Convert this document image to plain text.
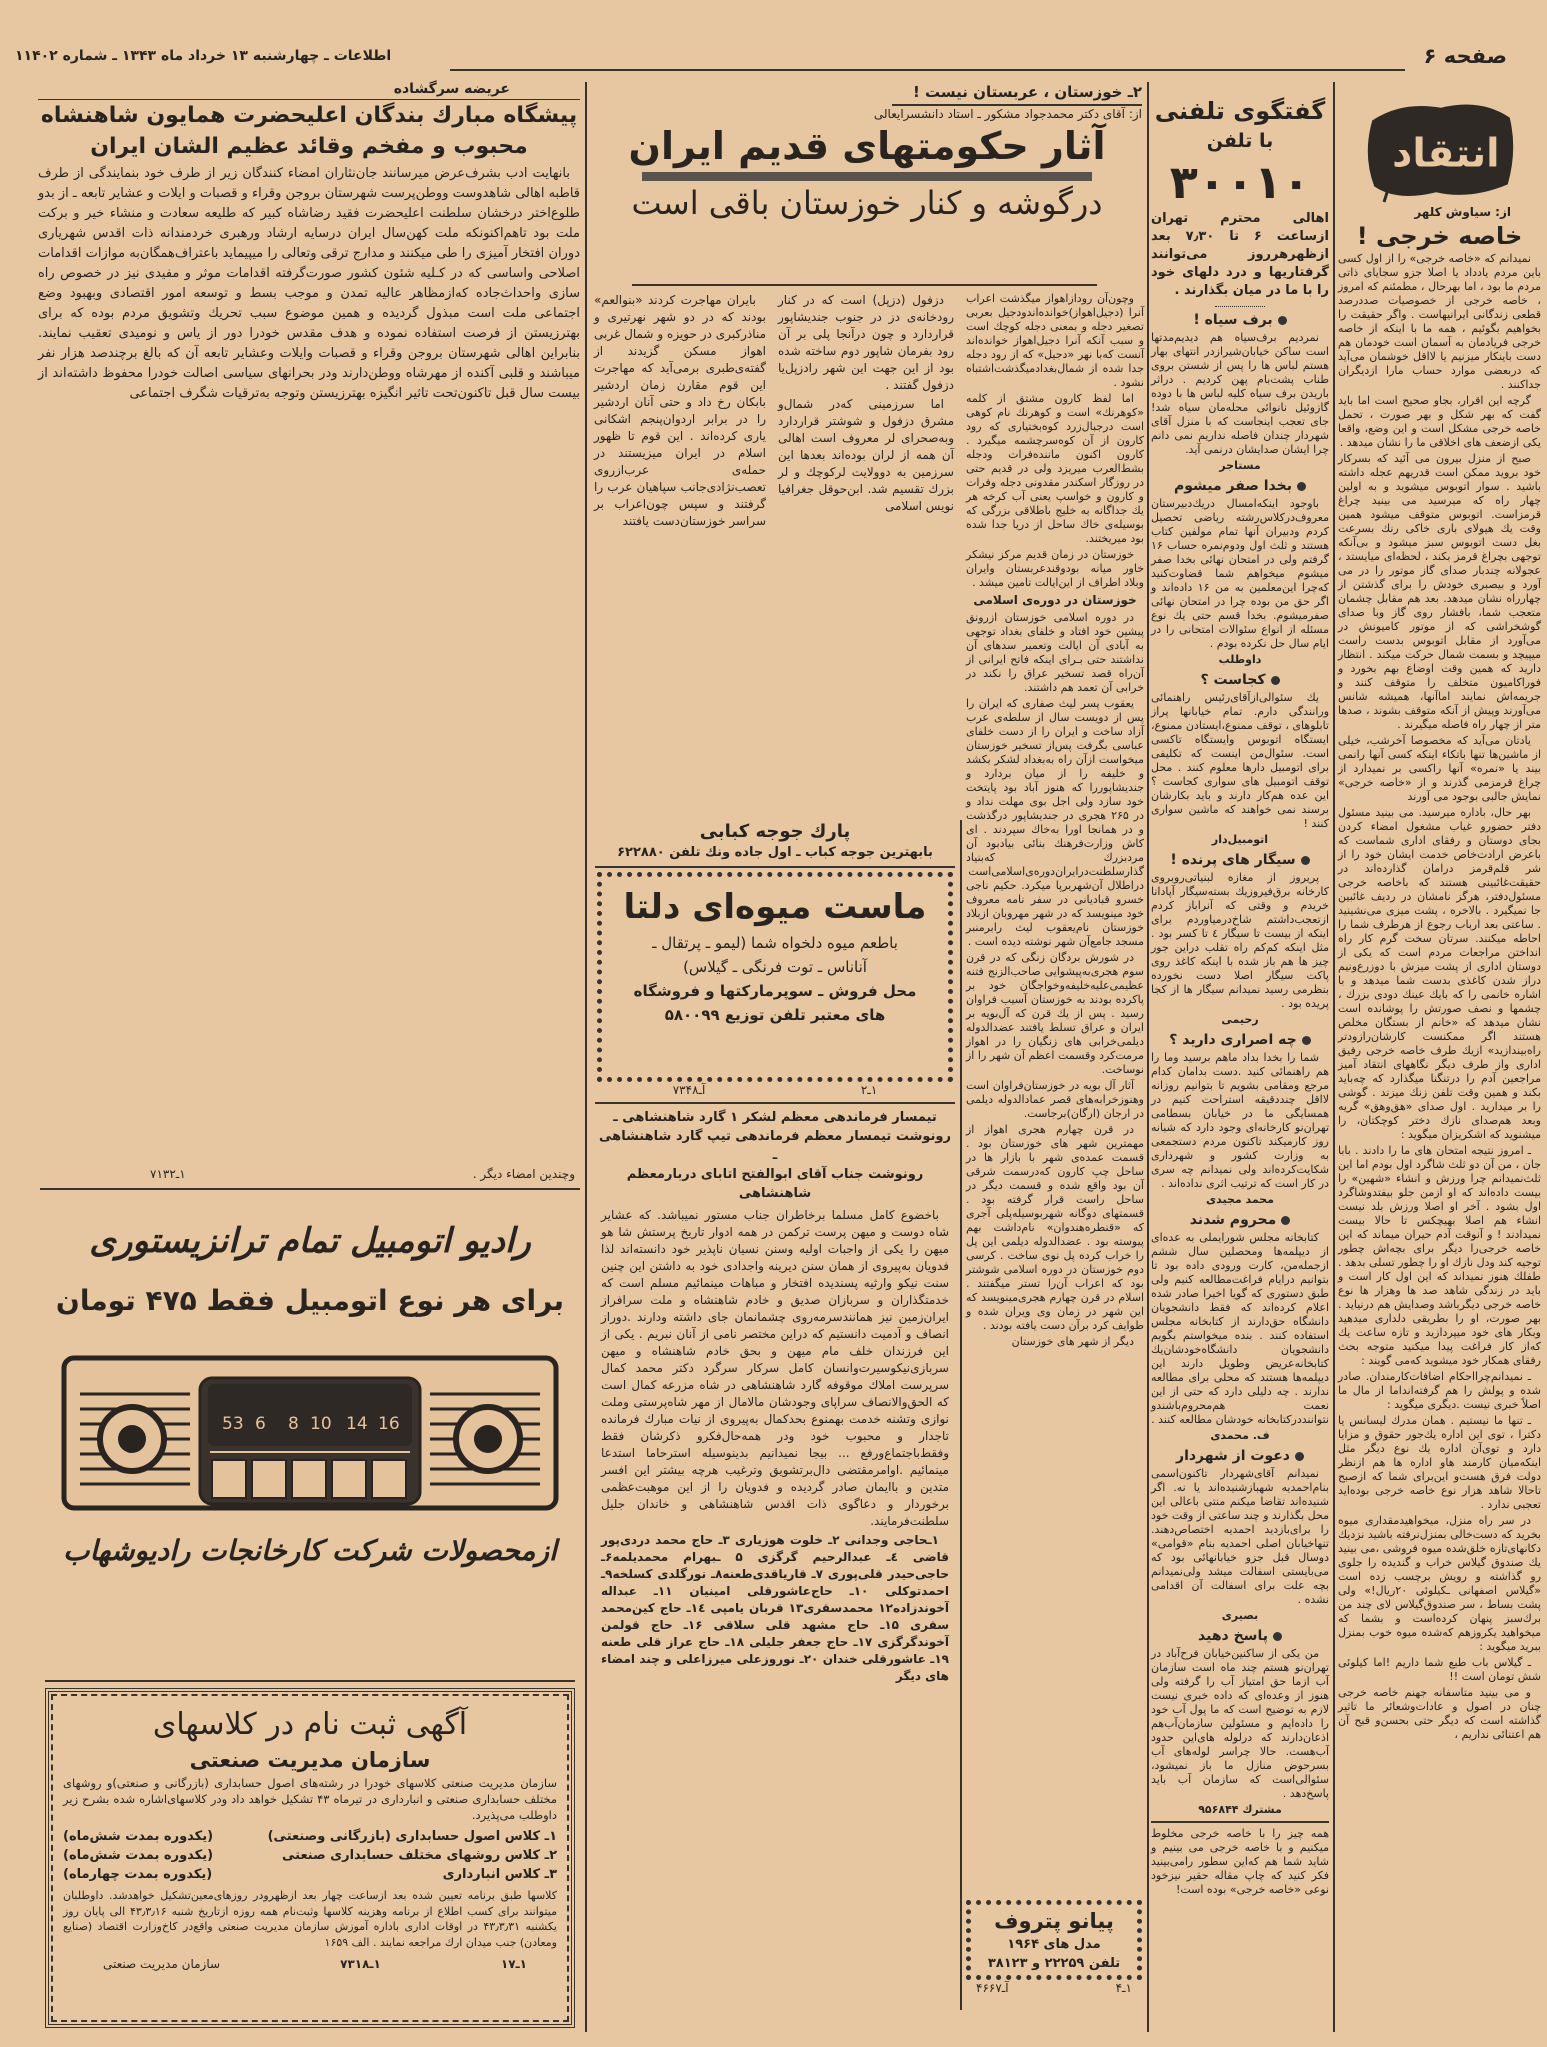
اطلاعات ـ چهارشنبه ۱۳ خرداد ماه ۱۳۴۳ ـ شماره ۱۱۴۰۲	صفحه ۶
انتقاد
از: سیاوش کلهر
خاصه خرجی !

نمیدانم که «خاصه خرجی» را از اول کسی باین مردم یادداد یا اصلا جزو سجایای ذاتی مردم ما بود ، اما بهرحال ، مطمئنم که امروز ، خاصه خرجی از خصوصیات صددرصد قطعی زندگانی ایرانیهاست . واگر حقیقت را بخواهیم بگوئیم ، همه ما با اینکه از خاصه خرجی فریادمان به آسمان است خودمان هم دست باینکار میزنیم یا لااقل خوشمان می‌آید که دربعضی موارد حساب مارا ازدیگران جداکنند .

گرچه این اقرار، بجاو صحیح است اما باید گفت که بهر شکل و بهر صورت ، تحمل خاصه خرجی مشکل است و این وضع، واقعا یکی ازضعف های اخلاقی ما را نشان میدهد .

صبح از منزل بیرون می آئید که بسرکار خود بروید ممکن است قدریهم عجله داشته باشید . سوار اتوبوس میشوید و به اولین چهار راه که میرسید می بینید چراغ قرمزاست. اتوبوس متوقف میشود همین وقت یك هیولای باری خاکی رنك بسرعت بغل دست اتوبوس سبز میشود و بی‌آنکه توجهی بچراغ قرمز بکند ، لحظه‌ای میایستد ، عجولانه چندبار صدای گاز موتور را در می آورد و بیصبری خودش را برای گذشتن از چهارراه نشان میدهد. بعد هم مقابل چشمان متعجب شما، بافشار روی گاز وبا صدای گوشخراشی که از موتور کامیونش در می‌آورد از مقابل اتوبوس بدست راست میپیچد و بسمت شمال حرکت میکند . انتظار دارید که همین وقت اوضاع بهم بخورد و فوراکامیون متخلف را متوقف کنند و جریمه‌اش نمایند اماآنها، همیشه شانس می‌آورند وپیش از آنکه متوقف بشوند ، صدها متر از چهار راه فاصله میگیرند .

یادتان می‌آید که مخصوصا آخرشب، خیلی از ماشین‌ها تنها باتکاء اینکه کسی آنها رانمی بیند یا «نمره» آنها راکسی بر نمیدارد از چراغ قرمزمی گذرند و از «خاصه خرجی» نمایش جالبی بوجود می آورند

بهر حال، باداره میرسید. می بینید مسئول دفتر حضورو غیاب مشغول امضاء کردن بجای دوستان و رفقای اداری شماست که باعرض ارادت‌خاص خدمت ایشان خود را از شر قلم‌قرمز درامان گذارده‌اند در حقیقت‌غائبینی هستند که باخاصه خرجی مسئول‌دفتر، هرگز نامشان در ردیف غائبین جا نمیگیرد . بالاخره ، پشت میزی می‌نشینید . ساعتی بعد ارباب رجوع از هرطرف شما را احاطه میکنند. سرتان سخت گرم کار راه انداختن مراجعات مردم است که یکی از دوستان اداری از پشت میزش با دوزرع‌ونیم دراز شدن کاغذی بدست شما میدهد و با اشاره خانمی را که بایك عینك دودی بزرك ، چشمها و نصف صورتش را پوشانده است نشان میدهد که «خانم از بستگان مخلص هستند اگر ممکنست کارشان‌رازودتر راه‌بیندازید» ازیك طرف خاصه خرجی رفیق اداری واز طرف دیگر نگاههای انتقاد آمیز مراجعین آدم را درتنگنا میگذارد که چه‌باید بکند و همین وقت تلفن زنك میزند . گوشی را بر میدارید . اول صدای «هق‌وهق» گریه وبعد هم‌صدای نازك دختر کوچکتان، را میشنوید که اشکریزان میگوید :

ـ امروز نتیجه امتحان های ما را دادند . بابا جان ، من آن دو ثلث شاگرد اول بودم اما این ثلث‌نمیدانم چرا ورزش و انشاء «شهین» را بیست داده‌اند که او ازمن جلو بیفتدوشاگرد اول بشود . آخر او اصلا ورزش بلد نیست انشاء هم اصلا بهیچکس تا حالا بیست نمیدادند ! و آنوقت آدم حیران میماند که این خاصه خرجی‌را دیگر برای بچه‌اش چطور توجیه کند ودل نازك او را چطور تسلی بدهد . طفلك هنوز نمیداند که این اول کار است و باید در زندگی شاهد صد ها وهزار ها نوع خاصه خرجی دیگرباشد وصدایش هم درنیاید . بهر صورت، او را بطریقی دلداری میدهید وبکار های خود میپردازید و تازه ساعت یك که‌از کار فراغت پیدا میکنید متوجه بحث رفقای همکار خود میشوید که‌می گویند :

ـ نمیدانم‌چرااحکام اضافات‌کارمندان. صادر شده و پولش را هم گرفته‌انداما از مال ما اصلاً خبری نیست .دیگری میگوید :

ـ تنها ما نیستیم . همان مدرك لیسانس یا دکترا ، توی این اداره یك‌جور حقوق و مزایا دارد و توی‌آن اداره یك نوع دیگر مثل اینکه‌میان کارمند هاو اداره ها هم ازنظر دولت فرق هست‌و این‌برای شما که ازصبح تاحالا شاهد هزار نوع خاصه خرجی بوده‌اید تعجبی ندارد .

در سر راه منزل، میخواهیدمقداری میوه بخرید که دست‌خالی بمنزل‌نرفته باشید نزدیك دکانهای‌تازه خلق‌شده میوه فروشی ،می بینید یك صندوق گیلاس خراب و گندیده را جلوی رو گذاشته و رویش برچسب زده است «گیلاس اصفهانی ـکیلوئی ۲۰ریال!» ولی پشت بساط ، سر صندوق‌گیلاس لای چند من برك‌سبز پنهان کرده‌است و بشما که میخواهید یکروزهم که‌شده میوه خوب بمنزل ببرید میگوید :

ـ گیلاس باب طبع شما داریم !اما کیلوئی شش تومان است !!

و می بینید متاسفانه جهنم خاصه خرجی چنان در اصول و عادات‌وشعائر ما تاثیر گذاشته است که دیگر حتی بحسن‌و قبح آن هم اعتنائی نداریم ،

گفتگوی تلفنی
با تلفن
۳۰۰۱۰
اهالی محترم تهران ازساعت ۶ تا ۷٫۳۰ بعد ازظهرهرروز می‌توانند گرفتاریها و درد دلهای خود را با ما در میان بگذارند .
برف سیاه !

نمردیم برف‌سیاه هم دیدیم‌مدتها است ساکن خیابان‌شیرازدر انتهای بهار هستم لباس ها را پس از شستن بروی طناب پشت‌بام پهن کردیم . دراثر باریدن برف سیاه کلیه لباس ها با دوده گازوئیل نانوائی محله‌مان سیاه شد! جای تعجب اینجاست که با منزل آقای شهردار چندان فاصله نداریم نمی دانم چرا ایشان صدایشان درنمی آید.

مستاجر
بخدا صفر میشوم

باوجود اینکه‌امسال دریك‌دبیرستان معروف‌درکلاس‌رشته ریاضی تحصیل کردم ودبیران آنها تمام مولفین کتاب هستند و ثلث اول ودوم‌نمره حساب ۱۶ گرفتم ولی در امتحان نهائی بخدا صفر میشوم میخواهم شما قضاوت‌کنید که‌چرا این‌معلمین به‌ من ۱۶ داده‌اند و اگر حق من بوده چرا در امتحان نهائی صفرمیشوم. بخدا قسم حتی یك نوع مسئله از انواع سئوالات امتحانی را در ایام سال حل نکرده بودم .

داوطلب
کجاست ؟

یك سئوالی‌ازآقای‌رئیس راهنمائی ورانندگی دارم. تمام خیابانها پراز تابلوهای ، توقف ممنوع،ایستادن ممنوع، ایستگاه اتوبوس وایستگاه تاکسی است. سئوال‌من اینست که تکلیفی برای اتومبیل دارها معلوم کنند . محل توقف اتومبیل های سواری کجاست ؟ این عده هم‌کار دارند و باید بکارشان برسند نمی خواهند که ماشین سواری کنند !

اتومبیل‌دار
سیگار های پرنده !

پریروز از مغازه لبنیاتی‌روبروی کارخانه برق‌فیروزیك بسته‌سیگار آپادانا خریدم و وقتی که آنراباز کردم ازتعجب‌داشتم شاخ‌درمیاوردم برای اینکه از بیست تا سیگار ٤ تا کسر بود . مثل اینکه کم‌کم راه تقلب دراین جور چیز ها هم باز شده با اینکه کاغذ روی پاکت سیگار اصلا دست نخورده بنظرمی رسید نمیدانم سیگار ها از کجا پریده بود .

رحیمی
چه اصراری دارید ؟

شما را بخدا بداد ماهم برسید وما را هم راهنمائی کنید .دست بدامان کدام مرجع ومقامی بشویم تا بتوانیم روزانه لااقل چنددقیقه استراحت کنیم در همسایگی ما در خیابان بسطامی تهران‌نو کارخانه‌ای وجود دارد که شبانه روز کارمیکند تاکنون مردم دستجمعی به وزارت کشور و شهرداری شکایت‌کرده‌اند ولی نمیدانم چه سری در کار است که ترتیب اثری نداده‌اند .

محمد مجیدی
محروم شدند

کتابخانه مجلس شورایملی به عده‌ای از دیپلمه‌ها ومحصلین سال ششم ازجمله‌من، کارت ورودی داده بود تا بتوانیم درایام فراغت‌مطالعه کنیم ولی طبق دستوری که گویا اخیرا صادر شده اعلام کرده‌اند که فقط دانشجویان دانشگاه حق‌دارند از کتابخانه مجلس استفاده کنند . بنده میخواستم بگویم دانشجویان دانشگاه‌خودشان‌یك کتابخانه‌عریض وطویل دارند این دیپلمه‌ها هستند که محلی برای مطالعه ندارند . چه دلیلی دارد که حتی از این نعمت هم‌محروم‌باشندو نتوانند‌درکتابخانه خودشان مطالعه کنند .

ف. محمدی
دعوت از شهردار

نمیدانم آقای‌شهردار تاکنون‌اسمی بنام‌احمدیه شهبازشنیده‌اند یا نه. اگر شنیده‌اند تقاضا میکنم منتی باعالی این محل بگذارند و چند ساعتی از وقت خود را برای‌بازدید احمدیه اختصاص‌دهند. تنهاخیابان اصلی احمدیه بنام «قوامی» دوسال قبل جزو خیابانهائی بود که می‌بایستی اسفالت میشد ولی‌نمیدانم بچه علت برای اسفالت آن اقدامی نشده .

بصیری
پاسخ دهید

من یکی از ساکنین‌خیابان فرح‌آباد در تهران‌نو هستم چند ماه است سازمان آب ازما حق امتیاز آب را گرفته ولی هنوز از وعده‌ای که داده خبری نیست لازم به توضیح است که ما پول آب خود را داده‌ایم و مسئولین سازمان‌آب‌هم اذعان‌دارند که درلوله های‌این حدود آب‌هست. حالا چراسر لوله‌های آب بسرحوض منازل ما باز نمیشود، سئوالی‌است که سازمان آب باید پاسخ‌دهد .

مشترك ۹۵۶۸۴۴
همه چیز را با خاصه خرجی مخلوط میکنیم و با خاصه خرجی می بینیم و شاید شما هم که‌این سطور رامی‌بینید فکر کنید که چاپ مقاله حقیر نیزخود نوعی «خاصه خرجی» بوده است!
۲ـ خوزستان ، عربستان نیست !
از: آقای دکتر محمدجواد مشکور ـ استاد دانشسرایعالی
آثار حکومتهای قدیم ایران
درگوشه و کنار خوزستان باقی است

بایران مهاجرت کردند «بنوالعم» بودند که در دو شهر نهرتیری و مناذرکبری در حویزه و شمال غربی اهواز مسکن گزیدند از گفته‌ی‌طبری برمی‌آید که مهاجرت این قوم مقارن زمان اردشیر بابکان رخ داد و حتی آنان اردشیر را در برابر اردوان‌پنجم اشکانی یاری کرده‌اند . این قوم تا ظهور اسلام در ایران میزیستند در حمله‌ی عرب‌ازروی تعصب‌نژادی‌جانب سپاهیان عرب را گرفتند و سپس چون‌اعراب بر سراسر خوزستان‌دست یافتند

دزفول (دزپل) است که در کنار رودخانه‌ی دز در جنوب جندیشاپور قراردارد و چون درآنجا پلی بر آن رود بفرمان شاپور دوم ساخته شده بود از این جهت این شهر رادزپل‌یا دزفول گفتند .

اما سرزمینی که‌در شمال‌و مشرق دزفول و شوشتر قراردارد وبه‌صحرای لر معروف است اهالی آن همه از لران بوده‌اند بعدها این سرزمین به دوولایت لرکوچك و لر بزرك تقسیم شد. ابن‌حوقل جغرافیا نویس اسلامی

وچون‌آن رودازاهواز میگذشت اعراب آنرا (دجیل‌اهواز)خوانده‌اندودجیل بعربی تصغیر دجله و بمعنی دجله کوچك است و سبب آنکه آنرا دجیل‌اهواز خوانده‌اند آنست که‌با نهر «دجیل» که از رود دجله جدا شده از شمال‌بغدادمیگذشت‌اشتباه نشود .

اما لفظ کارون مشتق از کلمه «کوهرنك» است و کوهرنك نام کوهی است درجبال‌زرد کوه‌بختیاری که رود کارون از آن کوه‌سرچشمه میگیرد . کارون اکنون ماننده‌فرات ودجله بشط‌العرب میریزد ولی در قدیم حتی در روزگار اسکندر مقدونی دجله وفرات و کارون و خواسپ یعنی آب کرخه هر یك جداگانه به خلیج باطلاقی بزرگی که بوسیله‌ی خاك ساحل از دریا جدا شده بود میریختند.

خوزستان در زمان قدیم مرکز نیشکر خاور میانه بودوقندعربستان وایران وبلاد اطراف از این‌ایالت تامین میشد .

خوزستان در دوره‌ی اسلامی

در دوره اسلامی خوزستان ازرونق پیشین خود افتاد و خلفای بغداد توجهی به آبادی آن ایالت وتعمیر سدهای آن نداشتند حتی بـرای اینکه فاتح ایرانی از آن‌راه قصد تسخیر عراق را نکند در خرابی آن تعمد هم داشتند.

یعقوب پسر لیث صفاری که ایران را پس از دویست سال از سلطه‌ی عرب آزاد ساخت و ایران را از دست خلفای عباسی بگرفت پس‌از تسخیر خوزستان میخواست ازآن راه به‌بغداد لشکر بکشد و خلیفه را از میان بردارد و جندیشاپوررا که هنوز آباد بود پایتخت خود سازد ولی اجل بوی مهلت نداد و در ۲۶۵ هجری در جندیشاپور درگذشت و در همانجا اورا به‌خاك سپردند . ای کاش وزارت‌فرهنك بنائی بیادبود آن مردبزرك که‌بنیاد گذارسلطنت‌درایران‌دوره‌ی‌اسلامی‌است دراطلال آن‌شهربرپا میکرد. حکیم ناجی خسرو قبادیانی در سفر نامه معروف خود مینویسد که در شهر مهروبان ازبلاد خوزستان نام‌یعقوب لیث رابرمنبر مسجد جامع‌آن شهر نوشته دیده است .

در شورش بردگان زنگی که در قرن سوم هجری‌به‌پیشوایی صاحب‌الزنج فتنه عظیمی‌علیه‌خلیفه‌وخواجگان خود بر پاکرده بودند به خوزستان آسیب فراوان رسید . پس از یك قرن که آل‌بویه بر ایران و عراق تسلط یافتند عضدالدوله دیلمی‌خرابی های زنگیان را در اهواز مرمت‌کرد وقسمت اعظم آن شهر را از نوساخت.

آثار آل بویه در خوزستان‌فراوان است وهنوزخرابه‌های قصر عمادالدوله دیلمی در ارجان (ارگان)برجاست.

در قرن چهارم هجری اهواز از مهمترین شهر های خوزستان بود . قسمت عمده‌ی شهر با بازار ها در ساحل چپ کارون که‌درسمت شرقی آن بود واقع شده و قسمت دیگر در ساحل راست قرار گرفته بود . قسمتهای دوگانه شهربوسیله‌پلی آجری که «قنطره‌هندوان» نام‌داشت بهم پیوسته بود . عضدالدوله دیلمی این پل را خراب کرده پل نوی ساخت . کرسی دوم خوزستان در دوره اسلامی شوشتر بود که اعراب آن‌را تستر میگفتند . اسلام در قرن چهارم هجری‌مینویسد که این شهر در زمان وی ویران شده و طوایف کرد برآن دست یافته بودند .

دیگر از شهر های خوزستان

پارك جوجه کبابی
بابهترین جوجه کباب ـ اول جاده ونك تلفن ۶۲۲۸۸۰
ماست میوه‌ای دلتا
باطعم میوه دلخواه شما (لیمو ـ پرتقال ـ
آناناس ـ توت فرنگی ـ گیلاس)
محل فروش ـ سوپرمارکتها و فروشگاه
های معتبر تلفن توزیع ۵۸۰۰۹۹
۱ـ۲
آـ۷۳۴۸
تیمسار فرماندهی معظم لشکر ۱ گارد شاهنشاهی ـ
رونوشت تیمسار معظم فرماندهی تیپ گارد شاهنشاهی ـ
رونوشت جناب آقای ابوالفتح اتابای دربارمعظم شاهنشاهی

باخضوع کامل مسلما برخاطران جناب مستور نمیباشد. که عشایر شاه دوست و میهن پرست ترکمن در همه ادوار تاریخ پرستش شا هو میهن را یکی از واجبات اولیه وسنن نسیان ناپذیر خود دانسته‌اند لذا فدویان به‌پیروی از همان سنن دیرینه واجدادی خود به داشتن این چنین سنت نیکو وارثیه پسندیده افتخار و مباهات مینمائیم مسلم است که خدمتگذاران و سربازان صدیق و خادم شاهنشاه و ملت سرافراز ایران‌زمین نیز همانندسرمه‌روی چشمانمان جای داشته ودارند .دوراز انصاف و آدمیت دانستیم که دراین مختصر نامی از آنان نبریم . یکی از این فرزندان خلف مام میهن و بحق خادم شاهنشاه و میهن سربازی‌نیکوسیرت‌وانسان کامل سرکار سرگرد دکتر محمد کمال سرپرست املاك موقوفه گارد شاهنشاهی در شاه مزرعه کمال است که الحق‌والانصاف سراپای وجودشان مالامال از مهر شاه‌پرستی وملت نوازی وتشنه خدمت بهمنوع بحدکمال به‌پیروی از نیات مبارك فرمانده تاجدار و محبوب خود ودر همه‌حال‌فکرو ذکرشان فقط وفقط‌باجتماع‌ورفع ... بیجا نمیدانیم بدینوسیله استرحاما استدعا مینمائیم .اوامرمقتضی دال‌برتشویق وترغیب هرچه بیشتر این افسر متدین و باایمان صادر گردیده و فدویان را از این موهبت‌عظمی برخوردار و دعاگوی ذات اقدس شاهنشاهی و خاندان جلیل سلطنت‌فرمایند.

۱ـحاجی وجدانی ۲ـ خلوت هوزیاری ۳ـ حاج محمد دردی‌پور قاضی ٤ـ عبدالرحیم گرگزی ۵ ـبهرام محمدیلمه۶ـ حاجی‌حیدر قلی‌پوری ۷ـ قاریاقدی‌طعنه۸ـ نورگلدی کسلخه۹ـ احمدتوکلی ۱۰ـ حاج‌عاشورقلی امینیان ۱۱ـ عبداله آخوندزاده۱۲ محمدسقری۱۳ قربان یامپی ۱٤ـ حاج کین‌محمد سقری ۱۵ـ حاج مشهد قلی سلاقی ۱۶ـ حاج قولمن آخوندگرگزی ۱۷ـ حاج جعفر جلیلی ۱۸ـ حاج عراز قلی طعنه ۱۹ـ عاشورقلی خندان ۲۰ـ نوروزعلی میرزاعلی و چند امضاء های دیگر

پیانو پتروف
مدل های ۱۹۶۴
تلفن ۲۲۲۵۹ و ۳۸۱۲۳
۱ـ۴
آـ۴۶۶۷
عریضه سرگشاده
پیشگاه مبارك بندگان اعلیحضرت همایون شاهنشاه محبوب و مفخم وقائد عظیم الشان ایران

بانهایت ادب بشرف‌عرض میرسانند جان‌نثاران امضاء کنندگان زیر از طرف خود بنمایندگی از طرف قاطبه اهالی شاهدوست ووطن‌پرست شهرستان بروجن وقراء و قصبات و ایلات و عشایر تابعه ـ از بدو طلوع‌اختر درخشان سلطنت اعلیحضرت فقید رضاشاه کبیر که طلیعه سعادت و منشاء خیر و برکت ملت بود تاهم‌اکنونکه ملت کهن‌سال ایران درسایه ارشاد ورهبری خردمندانه ذات اقدس شهریاری دوران افتخار آمیزی را طی میکنند و مدارج ترقی وتعالی را میپیماید باعتراف‌همگان‌به موازات اقدامات اصلاحی واساسی که در کـلیه شئون کشور صورت‌گرفته اقدامات موثر و مفیدی نیز در خصوص راه سازی واحداث‌جاده که‌ازمظاهر عالیه تمدن و موجب بسط و توسعه امور اقتصادی وبهبود وضع اجتماعی ملت است مبذول گردیده و همین موضوع سبب تحریك وتشویق مردم بوده که برای بهترزیستن از فرصت استفاده نموده و هدف مقدس خودرا دور از یاس و نومیدی تعقیب نمایند. بنابراین اهالی شهرستان بروجن وقراء و قصبات وایلات وعشایر تابعه آن که بالغ برچندصد هزار نفر میباشند و قلبی آکنده از مهرشاه ووطن‌دارند ودر بحرانهای سیاسی اصالت خودرا محفوظ داشته‌اند از بیست سال قبل تاکنون‌تحت تاثیر انگیزه بهترزیستن وتوجه به‌ترقیات شگرف اجتماعی

وچندین امضاء دیگر .
۱ـ۷۱۳۲
رادیو اتومبیل تمام ترانزیستوری
برای هر نوع اتومبیل فقط ۴۷۵ تومان
53 6 8 10 14 16
ازمحصولات شرکت کارخانجات رادیوشهاب
آگهی ثبت نام در کلاسهای
سازمان مدیریت صنعتی
سازمان مدیریت صنعتی کلاسهای خودرا در رشته‌های اصول حسابداری (بازرگانی و صنعتی)و روشهای مختلف حسابداری صنعتی و انبارداری در تیرماه ۴۳ تشکیل خواهد داد ودر کلاسهای‌اشاره شده بشرح زیر داوطلب می‌پذیرد.
۱ـ کلاس اصول حسابداری (بازرگانی وصنعتی)
(یکدوره بمدت شش‌ماه)
۲ـ کلاس روشهای مختلف حسابداری صنعتی
(یکدوره بمدت شش‌ماه)
۳ـ کلاس انبارداری
(یکدوره بمدت چهارماه)
کلاسها طبق برنامه تعیین شده بعد ازساعت چهار بعد ازظهر‌ودر روزهای‌معین‌تشکیل خواهدشد. داوطلبان میتوانند برای کسب اطلاع از برنامه وهزینه کلاسها وثبت‌نام همه روزه ازتاریخ شنبه ۴۳٫۳٫۱۶ الی پایان روز یکشنبه ۴۳٫۳٫۳۱ در اوقات اداری باداره آموزش سازمان مدیریت صنعتی واقع‌در کاخ‌وزارت اقتصاد (صنایع ومعادن) جنب میدان ارك مراجعه نمایند . الف ۱۶۵۹
۱ـ۱۷
۱ـ۷۳۱۸
سازمان مدیریت صنعتی
